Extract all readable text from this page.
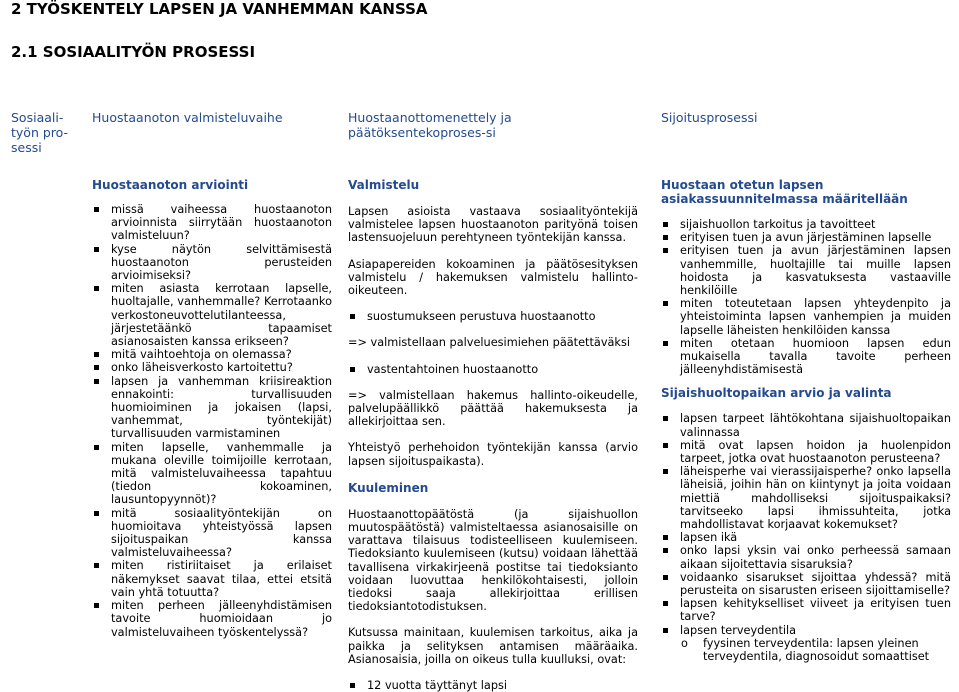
2 TYÖSKENTELY LAPSEN JA VANHEMMAN KANSSA
2.1 SOSIAALITYÖN PROSESSI
Sosiaali-työn pro-sessi
Huostaanoton valmisteluvaihe	Huostaanottomenettely ja päätöksentekoproses-si
Sijoitusprosessi
Huostaanoton arviointi
missä vaiheessa huostaanoton arvioinnista siirrytään huostaanoton valmisteluun?
kyse näytön selvittämisestä huostaanoton perusteiden arvioimiseksi?
miten asiasta kerrotaan lapselle, huoltajalle, vanhemmalle? Kerrotaanko verkostoneuvottelutilanteessa, järjestetäänkö tapaamiset asianosaisten kanssa erikseen?
mitä vaihtoehtoja on olemassa?
onko läheisverkosto kartoitettu?
lapsen ja vanhemman kriisireaktion ennakointi: turvallisuuden huomioiminen ja jokaisen (lapsi, vanhemmat, työntekijät) turvallisuuden varmistaminen
miten lapselle, vanhemmalle ja mukana oleville toimijoille kerrotaan, mitä valmisteluvaiheessa tapahtuu (tiedon kokoaminen, lausuntopyynnöt)?
mitä sosiaalityöntekijän on huomioitava yhteistyössä lapsen sijoituspaikan kanssa valmisteluvaiheessa?
miten ristiriitaiset ja erilaiset näkemykset saavat tilaa, ettei etsitä vain yhtä totuutta?
miten perheen jälleenyhdistämisen tavoite huomioidaan jo valmisteluvaiheen työskentelyssä?
Valmistelu

Lapsen asioista vastaava sosiaalityöntekijä valmistelee lapsen huostaanoton parityönä toisen lastensuojeluun perehtyneen työntekijän kanssa.

Asiapapereiden kokoaminen ja päätösesityksen valmistelu / hakemuksen valmistelu hallinto-oikeuteen.

suostumukseen perustuva huostaanotto

=> valmistellaan palveluesimiehen päätettäväksi

vastentahtoinen huostaanotto

=> valmistellaan hakemus hallinto-oikeudelle, palvelupäällikkö päättää hakemuksesta ja allekirjoittaa sen.

Yhteistyö perhehoidon työntekijän kanssa (arvio lapsen sijoituspaikasta).

Kuuleminen

Huostaanottopäätöstä (ja sijaishuollon muutospäätöstä) valmisteltaessa asianosaisille on varattava tilaisuus todisteelliseen kuulemiseen. Tiedoksianto kuulemiseen (kutsu) voidaan lähettää tavallisena virkakirjeenä postitse tai tiedoksianto voidaan luovuttaa henkilökohtaisesti, jolloin tiedoksi saaja allekirjoittaa erillisen tiedoksiantotodistuksen.

Kutsussa mainitaan, kuulemisen tarkoitus, aika ja paikka ja selityksen antamisen määräaika. Asianosaisia, joilla on oikeus tulla kuulluksi, ovat:

12 vuotta täyttänyt lapsi
Huostaan otetun lapsen asiakassuunnitelmassa määritellään
sijaishuollon tarkoitus ja tavoitteet
erityisen tuen ja avun järjestäminen lapselle
erityisen tuen ja avun järjestäminen lapsen vanhemmille, huoltajille tai muille lapsen hoidosta ja kasvatuksesta vastaaville henkilöille
miten toteutetaan lapsen yhteydenpito ja yhteistoiminta lapsen vanhempien ja muiden lapselle läheisten henkilöiden kanssa
miten otetaan huomioon lapsen edun mukaisella tavalla tavoite perheen jälleenyhdistämisestä
Sijaishuoltopaikan arvio ja valinta
lapsen tarpeet lähtökohtana sijaishuoltopaikan valinnassa
mitä ovat lapsen hoidon ja huolenpidon tarpeet, jotka ovat huostaanoton perusteena?
läheisperhe vai vierassijaisperhe? onko lapsella läheisiä, joihin hän on kiintynyt ja joita voidaan miettiä mahdolliseksi sijoituspaikaksi? tarvitseeko lapsi ihmissuhteita, jotka mahdollistavat korjaavat kokemukset?
lapsen ikä
onko lapsi yksin vai onko perheessä samaan aikaan sijoitettavia sisaruksia?
voidaanko sisarukset sijoittaa yhdessä? mitä perusteita on sisarusten eriseen sijoittamiselle?
lapsen kehitykselliset viiveet ja erityisen tuen tarve?
lapsen terveydentila
o fyysinen terveydentila: lapsen yleinen terveydentila, diagnosoidut somaattiset
